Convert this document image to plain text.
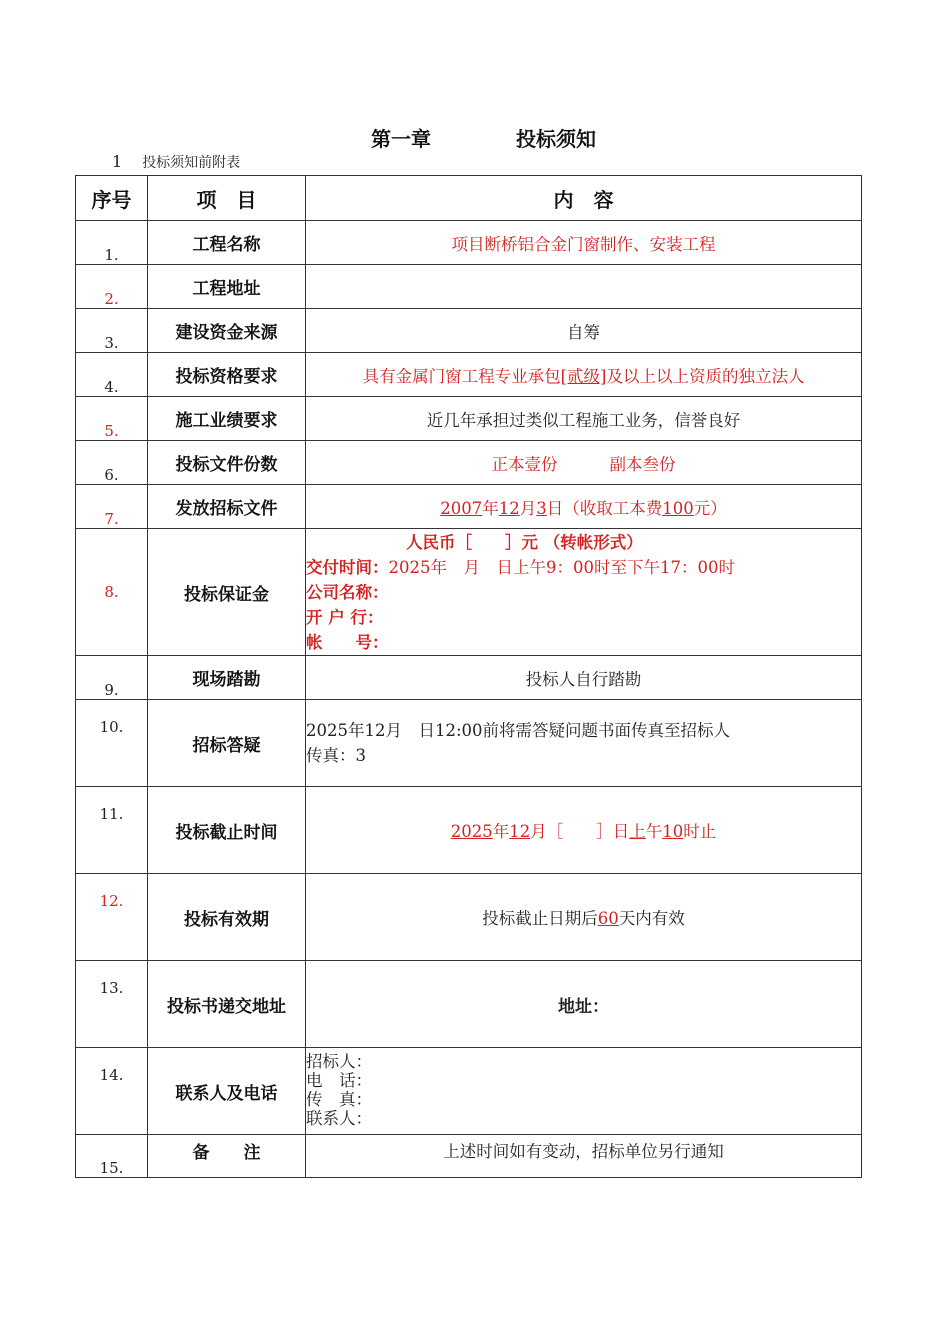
第一章	投标须知
1 投标须知前附表
序号	项　目	内　容
1.	工程名称	项目断桥铝合金门窗制作、安装工程
2.	工程地址	
3.	建设资金来源	自筹
4.	投标资格要求	具有金属门窗工程专业承包[贰级]及以上以上资质的独立法人
5.	施工业绩要求	近几年承担过类似工程施工业务，信誉良好
6.	投标文件份数	正本壹份 副本叁份
7.	发放招标文件	2007年12月3日（收取工本费100元）
8.	投标保证金	人民币［　　］元 （转帐形式）
交付时间：2025年　月　日上午9：00时至下午17：00时
公司名称：
开 户 行：
帐　　号：

9.	现场踏勘	投标人自行踏勘
10.	招标答疑	2025年12月　日12:00前将需答疑问题书面传真至招标人
传真：3

11.	投标截止时间	2025年12月［　　］日上午10时止
12.	投标有效期	投标截止日期后60天内有效
13.	投标书递交地址	地址：
14.	联系人及电话	招标人：
电　话：
传　真：
联系人：

15.	备　　注	上述时间如有变动，招标单位另行通知
